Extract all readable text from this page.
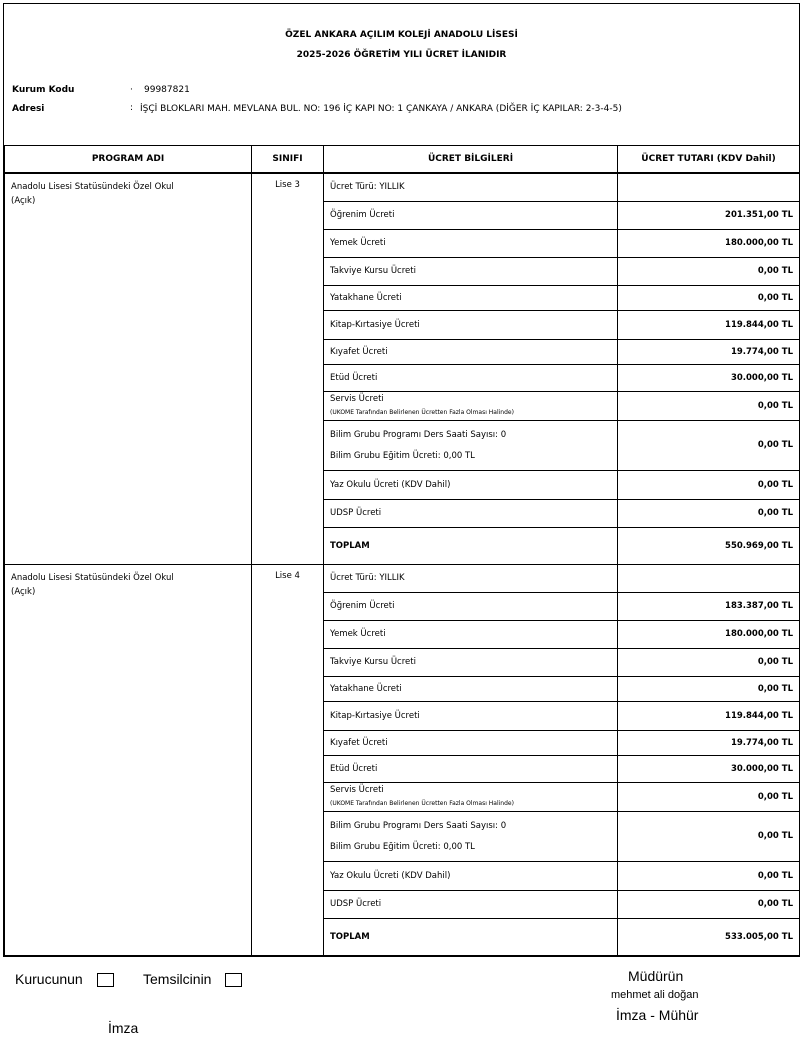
ÖZEL ANKARA AÇILIM KOLEJİ ANADOLU LİSESİ
2025-2026 ÖĞRETİM YILI ÜCRET İLANIDIR
Kurum Kodu	· 99987821
Adresi	: İŞÇİ BLOKLARI MAH. MEVLANA BUL. NO: 196 İÇ KAPI NO: 1 ÇANKAYA / ANKARA (DİĞER İÇ KAPILAR: 2-3-4-5)
PROGRAM ADI	SINIFI	ÜCRET BİLGİLERİ	ÜCRET TUTARI (KDV Dahil)
Anadolu Lisesi Statüsündeki Özel Okul
(Açık)	Lise 3	Ücret Türü: YILLIK	
		Öğrenim Ücreti	201.351,00 TL
		Yemek Ücreti	180.000,00 TL
		Takviye Kursu Ücreti	0,00 TL
		Yatakhane Ücreti	0,00 TL
		Kitap-Kırtasiye Ücreti	119.844,00 TL
		Kıyafet Ücreti	19.774,00 TL
		Etüd Ücreti	30.000,00 TL
		Servis Ücreti
(UKOME Tarafından Belirlenen Ücretten Fazla Olması Halinde)	0,00 TL
		Bilim Grubu Programı Ders Saati Sayısı: 0
Bilim Grubu Eğitim Ücreti: 0,00 TL	0,00 TL
		Yaz Okulu Ücreti (KDV Dahil)	0,00 TL
		UDSP Ücreti	0,00 TL
		TOPLAM	550.969,00 TL
Anadolu Lisesi Statüsündeki Özel Okul
(Açık)	Lise 4	Ücret Türü: YILLIK	
		Öğrenim Ücreti	183.387,00 TL
		Yemek Ücreti	180.000,00 TL
		Takviye Kursu Ücreti	0,00 TL
		Yatakhane Ücreti	0,00 TL
		Kitap-Kırtasiye Ücreti	119.844,00 TL
		Kıyafet Ücreti	19.774,00 TL
		Etüd Ücreti	30.000,00 TL
		Servis Ücreti
(UKOME Tarafından Belirlenen Ücretten Fazla Olması Halinde)	0,00 TL
		Bilim Grubu Programı Ders Saati Sayısı: 0
Bilim Grubu Eğitim Ücreti: 0,00 TL	0,00 TL
		Yaz Okulu Ücreti (KDV Dahil)	0,00 TL
		UDSP Ücreti	0,00 TL
		TOPLAM	533.005,00 TL
Kurucunun	Temsilcinin
İmza
Müdürün
mehmet ali doğan
İmza - Mühür
